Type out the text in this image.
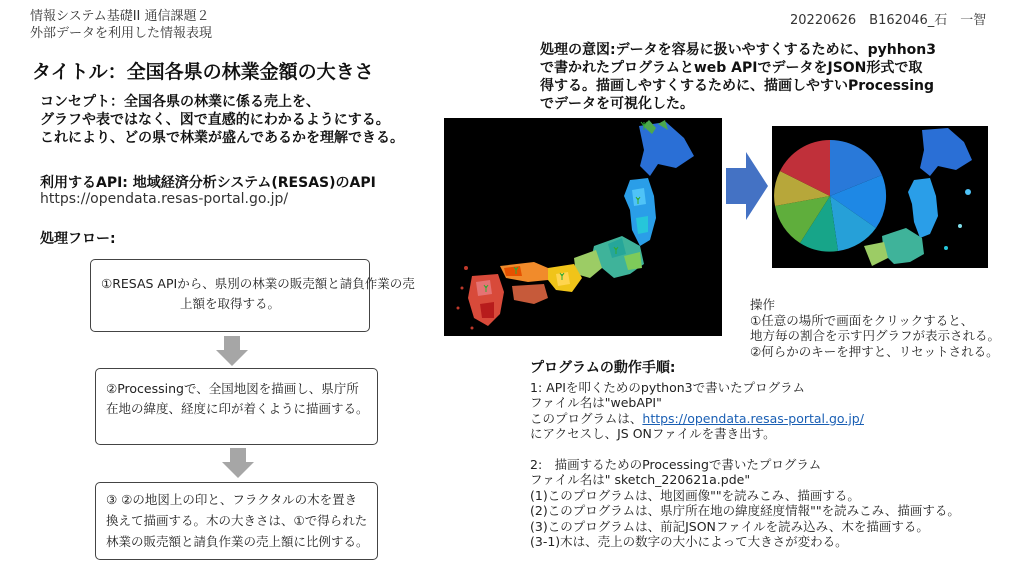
情報システム基礎II 通信課題２
外部データを利用した情報表現
20220626　B162046_石　一智
タイトル：全国各県の林業金額の大きさ
コンセプト：全国各県の林業に係る売上を、
グラフや表ではなく、図で直感的にわかるようにする。
これにより、どの県で林業が盛んであるかを理解できる。
利用するAPI: 地域経済分析システム(RESAS)のAPI
https://opendata.resas-portal.go.jp/
処理フロー:
①RESAS APIから、県別の林業の販売額と請負作業の売
上額を取得する。
②Processingで、全国地図を描画し、県庁所
在地の緯度、経度に印が着くように描画する。
③ ②の地図上の印と、フラクタルの木を置き
換えて描画する。木の大きさは、①で得られた
林業の販売額と請負作業の売上額に比例する。
処理の意図:データを容易に扱いやすくするために、pyhhon3
で書かれたプログラムとweb APIでデータをJSON形式で取
得する。描画しやすくするために、描画しやすいProcessing
でデータを可視化した。
操作
①任意の場所で画面をクリックすると、
地方毎の割合を示す円グラフが表示される。
②何らかのキーを押すと、リセットされる。
プログラムの動作手順:
1: APIを叩くためのpython3で書いたプログラム
ファイル名は"webAPI"
このプログラムは、https://opendata.resas-portal.go.jp/
にアクセスし、JS ONファイルを書き出す。
2:　描画するためのProcessingで書いたプログラム
ファイル名は" sketch_220621a.pde"
(1)このプログラムは、地図画像""を読みこみ、描画する。
(2)このプログラムは、県庁所在地の緯度経度情報""を読みこみ、描画する。
(3)このプログラムは、前記JSONファイルを読み込み、木を描画する。
(3-1)木は、売上の数字の大小によって大きさが変わる。
